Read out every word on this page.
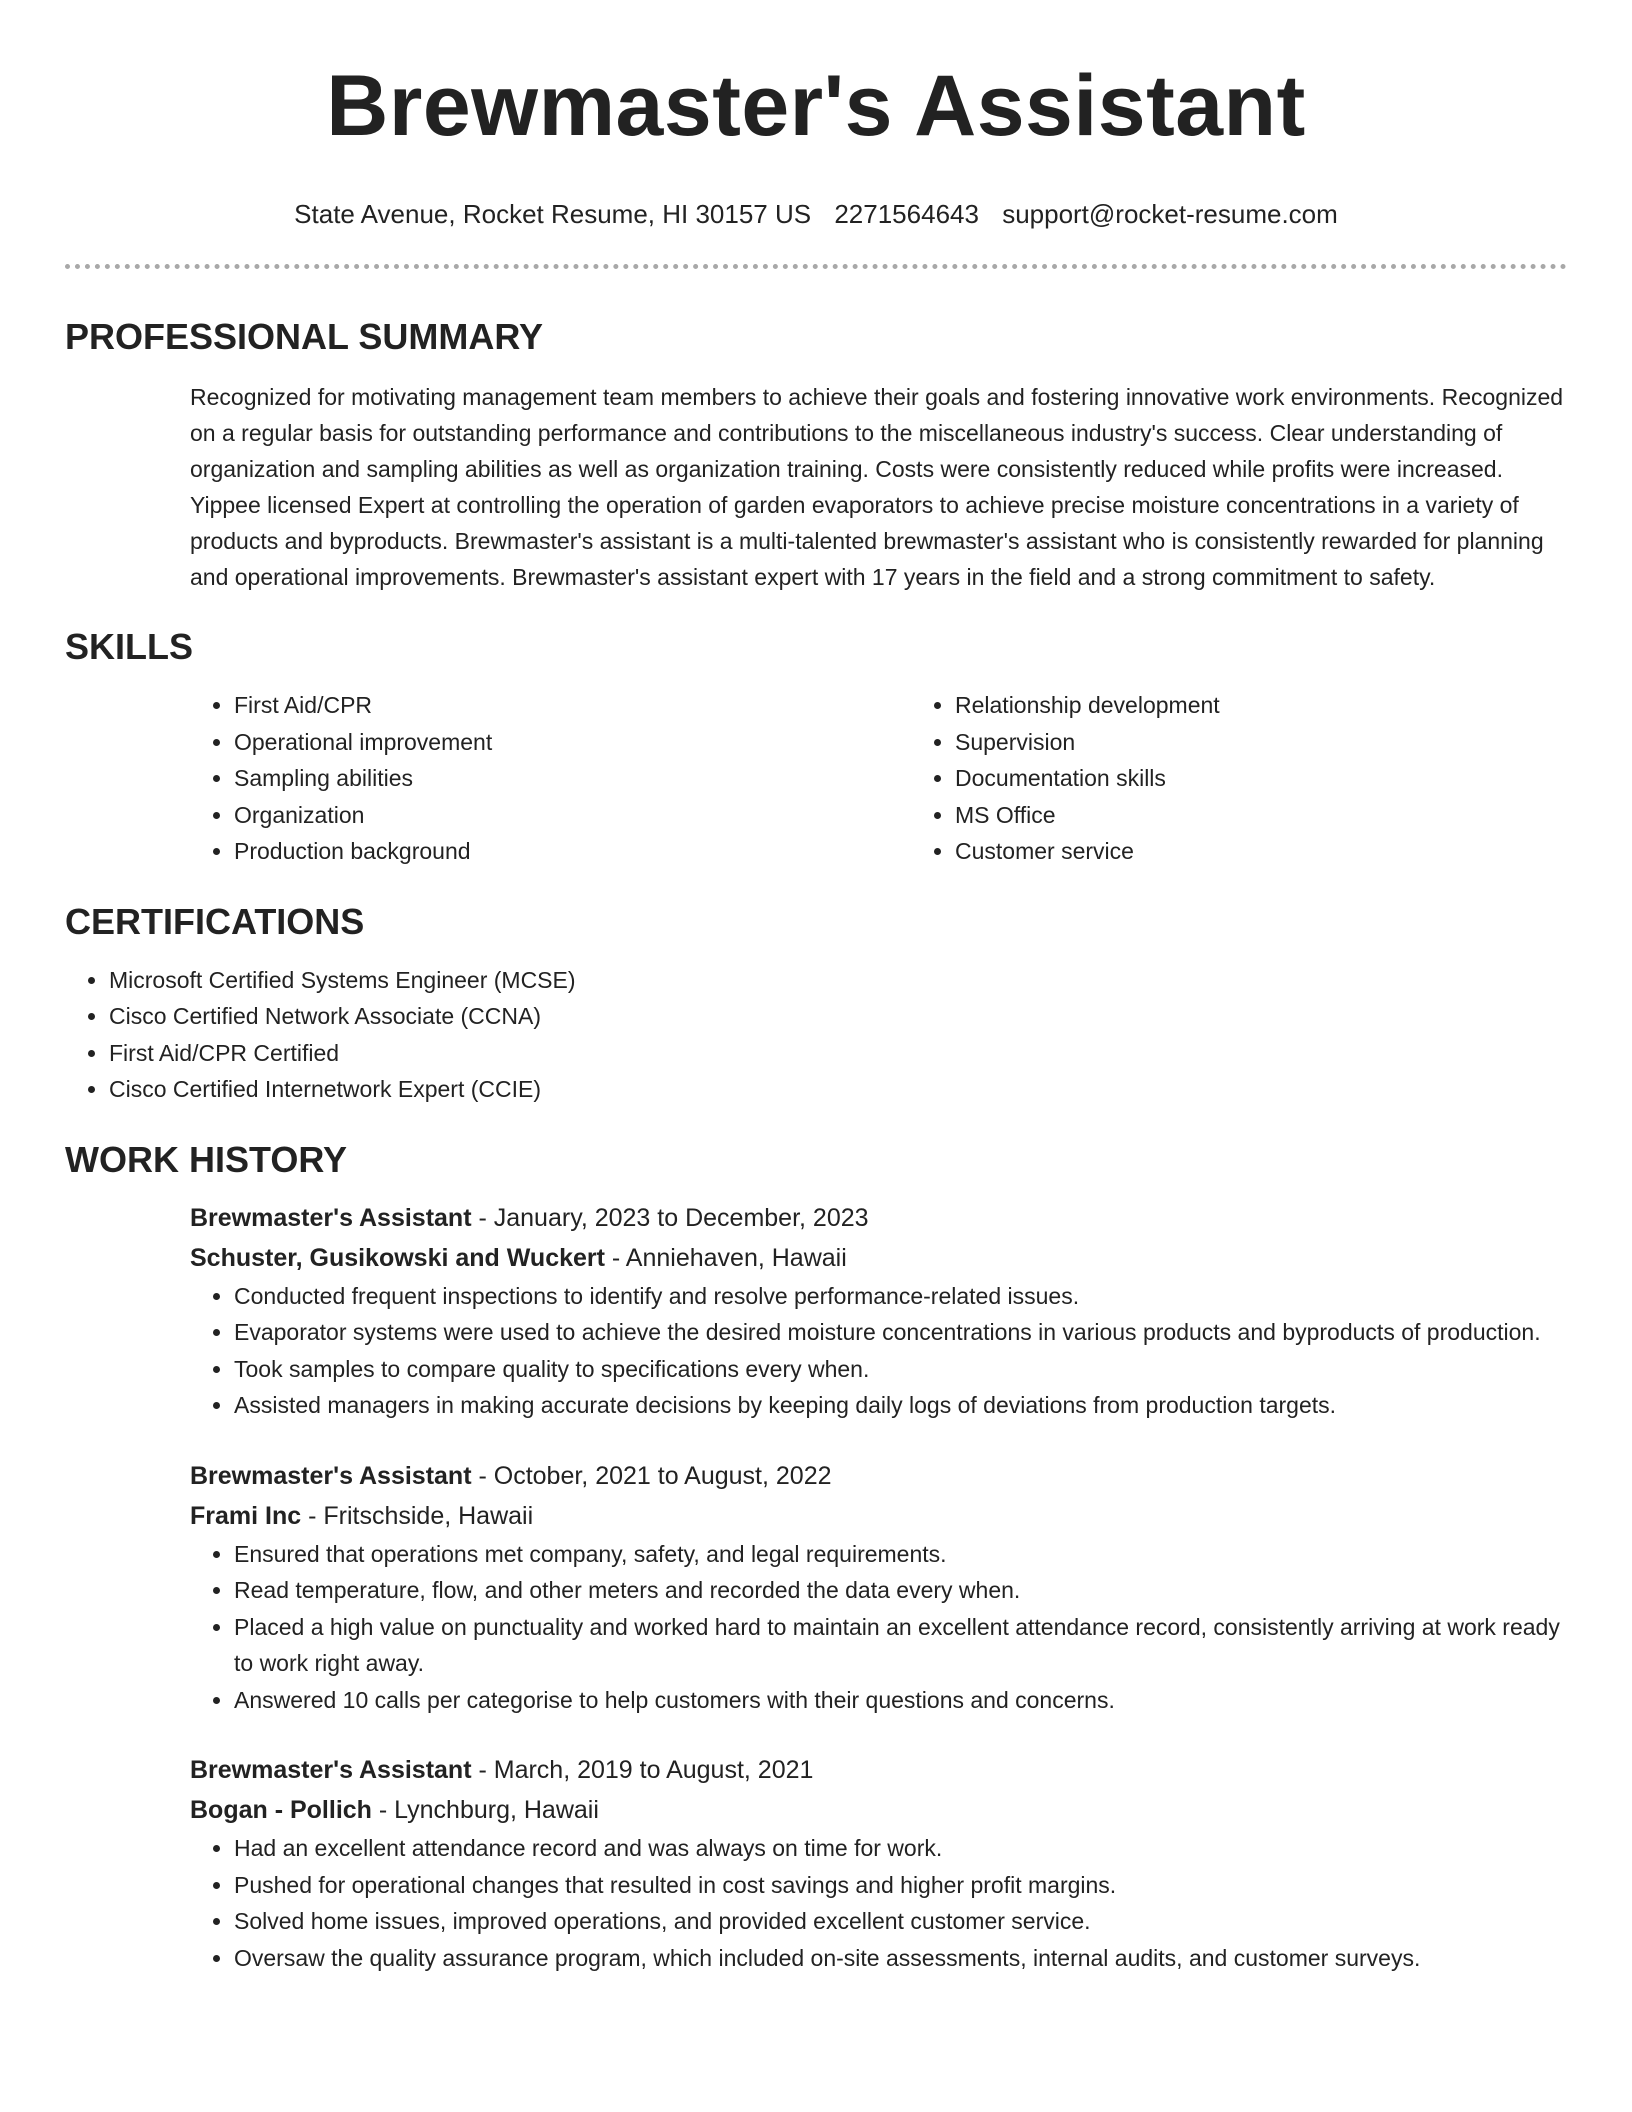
Brewmaster's Assistant
State Avenue, Rocket Resume, HI 30157 US 2271564643 support@rocket-resume.com
PROFESSIONAL SUMMARY

Recognized for motivating management team members to achieve their goals and fostering innovative work environments. Recognized on a regular basis for outstanding performance and contributions to the miscellaneous industry's success. Clear understanding of organization and sampling abilities as well as organization training. Costs were consistently reduced while profits were increased. Yippee licensed Expert at controlling the operation of garden evaporators to achieve precise moisture concentrations in a variety of products and byproducts. Brewmaster's assistant is a multi-talented brewmaster's assistant who is consistently rewarded for planning and operational improvements. Brewmaster's assistant expert with 17 years in the field and a strong commitment to safety.

SKILLS
• First Aid/CPR
• Operational improvement
• Sampling abilities
• Organization
• Production background
• Relationship development
• Supervision
• Documentation skills
• MS Office
• Customer service
CERTIFICATIONS
• Microsoft Certified Systems Engineer (MCSE)
• Cisco Certified Network Associate (CCNA)
• First Aid/CPR Certified
• Cisco Certified Internetwork Expert (CCIE)
WORK HISTORY
Brewmaster's Assistant - January, 2023 to December, 2023
Schuster, Gusikowski and Wuckert - Anniehaven, Hawaii
• Conducted frequent inspections to identify and resolve performance-related issues.
• Evaporator systems were used to achieve the desired moisture concentrations in various products and byproducts of production.
• Took samples to compare quality to specifications every when.
• Assisted managers in making accurate decisions by keeping daily logs of deviations from production targets.
Brewmaster's Assistant - October, 2021 to August, 2022
Frami Inc - Fritschside, Hawaii
• Ensured that operations met company, safety, and legal requirements.
• Read temperature, flow, and other meters and recorded the data every when.
• Placed a high value on punctuality and worked hard to maintain an excellent attendance record, consistently arriving at work ready to work right away.
• Answered 10 calls per categorise to help customers with their questions and concerns.
Brewmaster's Assistant - March, 2019 to August, 2021
Bogan - Pollich - Lynchburg, Hawaii
• Had an excellent attendance record and was always on time for work.
• Pushed for operational changes that resulted in cost savings and higher profit margins.
• Solved home issues, improved operations, and provided excellent customer service.
• Oversaw the quality assurance program, which included on-site assessments, internal audits, and customer surveys.
